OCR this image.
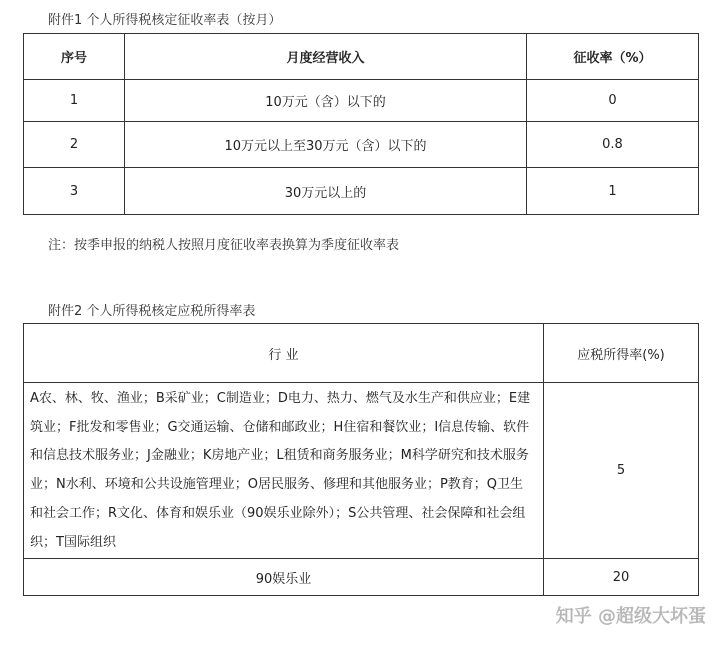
附件1 个人所得税核定征收率表（按月）
序号	月度经营收入	征收率（%）
1	10万元（含）以下的	0
2	10万元以上至30万元（含）以下的	0.8
3	30万元以上的	1
注：按季申报的纳税人按照月度征收率表换算为季度征收率表
附件2 个人所得税核定应税所得率表
行 业	应税所得率(%)
A农、林、牧、渔业；B采矿业；C制造业；D电力、热力、燃气及水生产和供应业；E建筑业；F批发和零售业；G交通运输、仓储和邮政业；H住宿和餐饮业；I信息传输、软件和信息技术服务业；J金融业；K房地产业；L租赁和商务服务业；M科学研究和技术服务业；N水利、环境和公共设施管理业；O居民服务、修理和其他服务业；P教育；Q卫生和社会工作；R文化、体育和娱乐业（90娱乐业除外）；S公共管理、社会保障和社会组织；T国际组织	5
90娱乐业	20
知乎 @超级大坏蛋
